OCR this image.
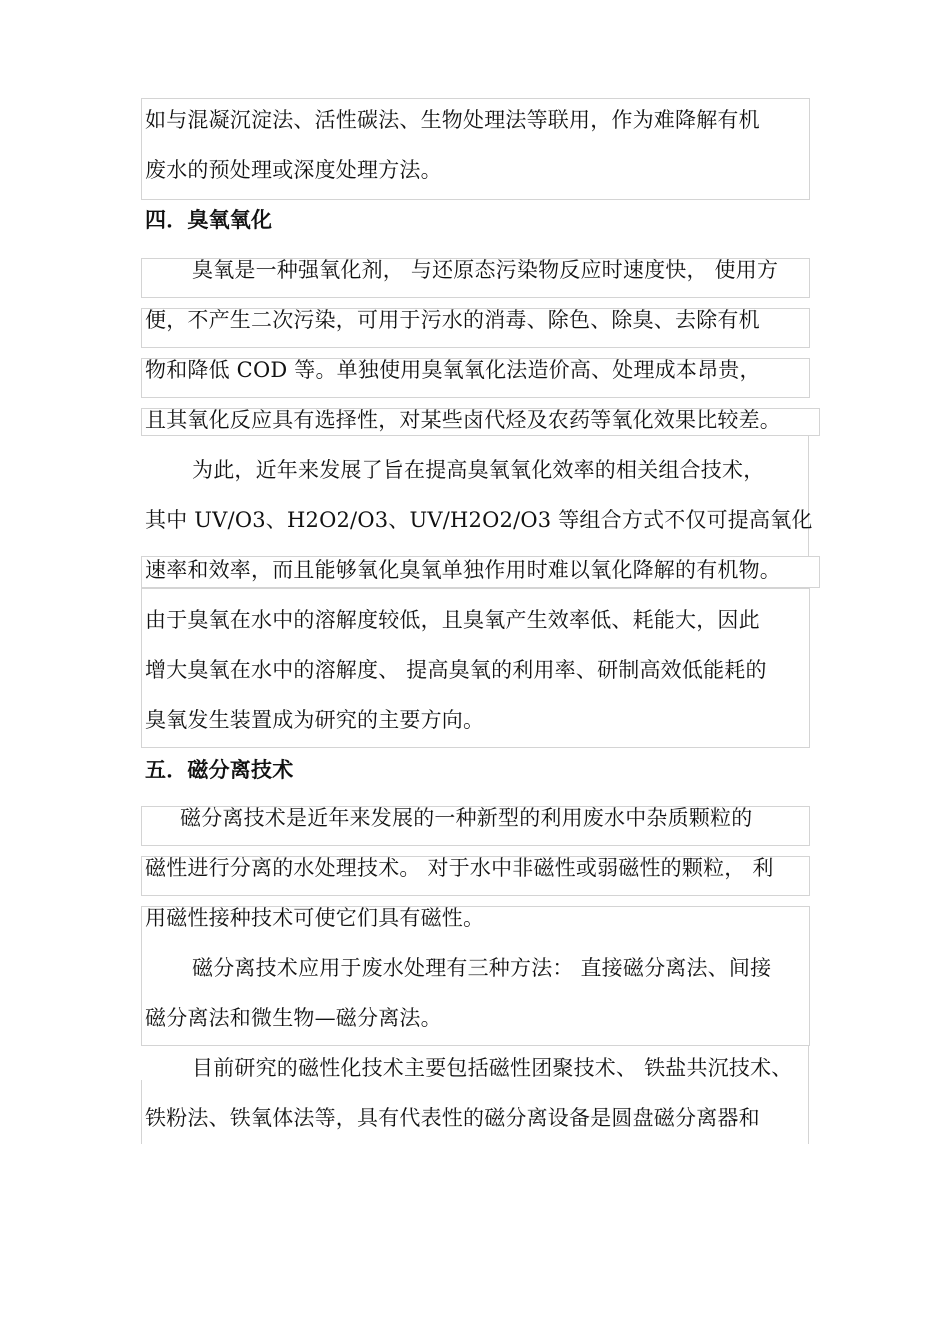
如与混凝沉淀法、活性碳法、生物处理法等联用，作为难降解有机
废水的预处理或深度处理方法。
四．臭氧氧化
臭氧是一种强氧化剂， 与还原态污染物反应时速度快， 使用方
便，不产生二次污染，可用于污水的消毒、除色、除臭、去除有机
物和降低 COD 等。单独使用臭氧氧化法造价高、处理成本昂贵，
且其氧化反应具有选择性，对某些卤代烃及农药等氧化效果比较差。
为此，近年来发展了旨在提高臭氧氧化效率的相关组合技术，
其中 UV/O3、H2O2/O3、UV/H2O2/O3 等组合方式不仅可提高氧化
速率和效率，而且能够氧化臭氧单独作用时难以氧化降解的有机物。
由于臭氧在水中的溶解度较低，且臭氧产生效率低、耗能大，因此
增大臭氧在水中的溶解度、 提高臭氧的利用率、研制高效低能耗的
臭氧发生装置成为研究的主要方向。
五．磁分离技术
磁分离技术是近年来发展的一种新型的利用废水中杂质颗粒的
磁性进行分离的水处理技术。 对于水中非磁性或弱磁性的颗粒， 利
用磁性接种技术可使它们具有磁性。
磁分离技术应用于废水处理有三种方法： 直接磁分离法、间接
磁分离法和微生物—磁分离法。
目前研究的磁性化技术主要包括磁性团聚技术、 铁盐共沉技术、
铁粉法、铁氧体法等，具有代表性的磁分离设备是圆盘磁分离器和
